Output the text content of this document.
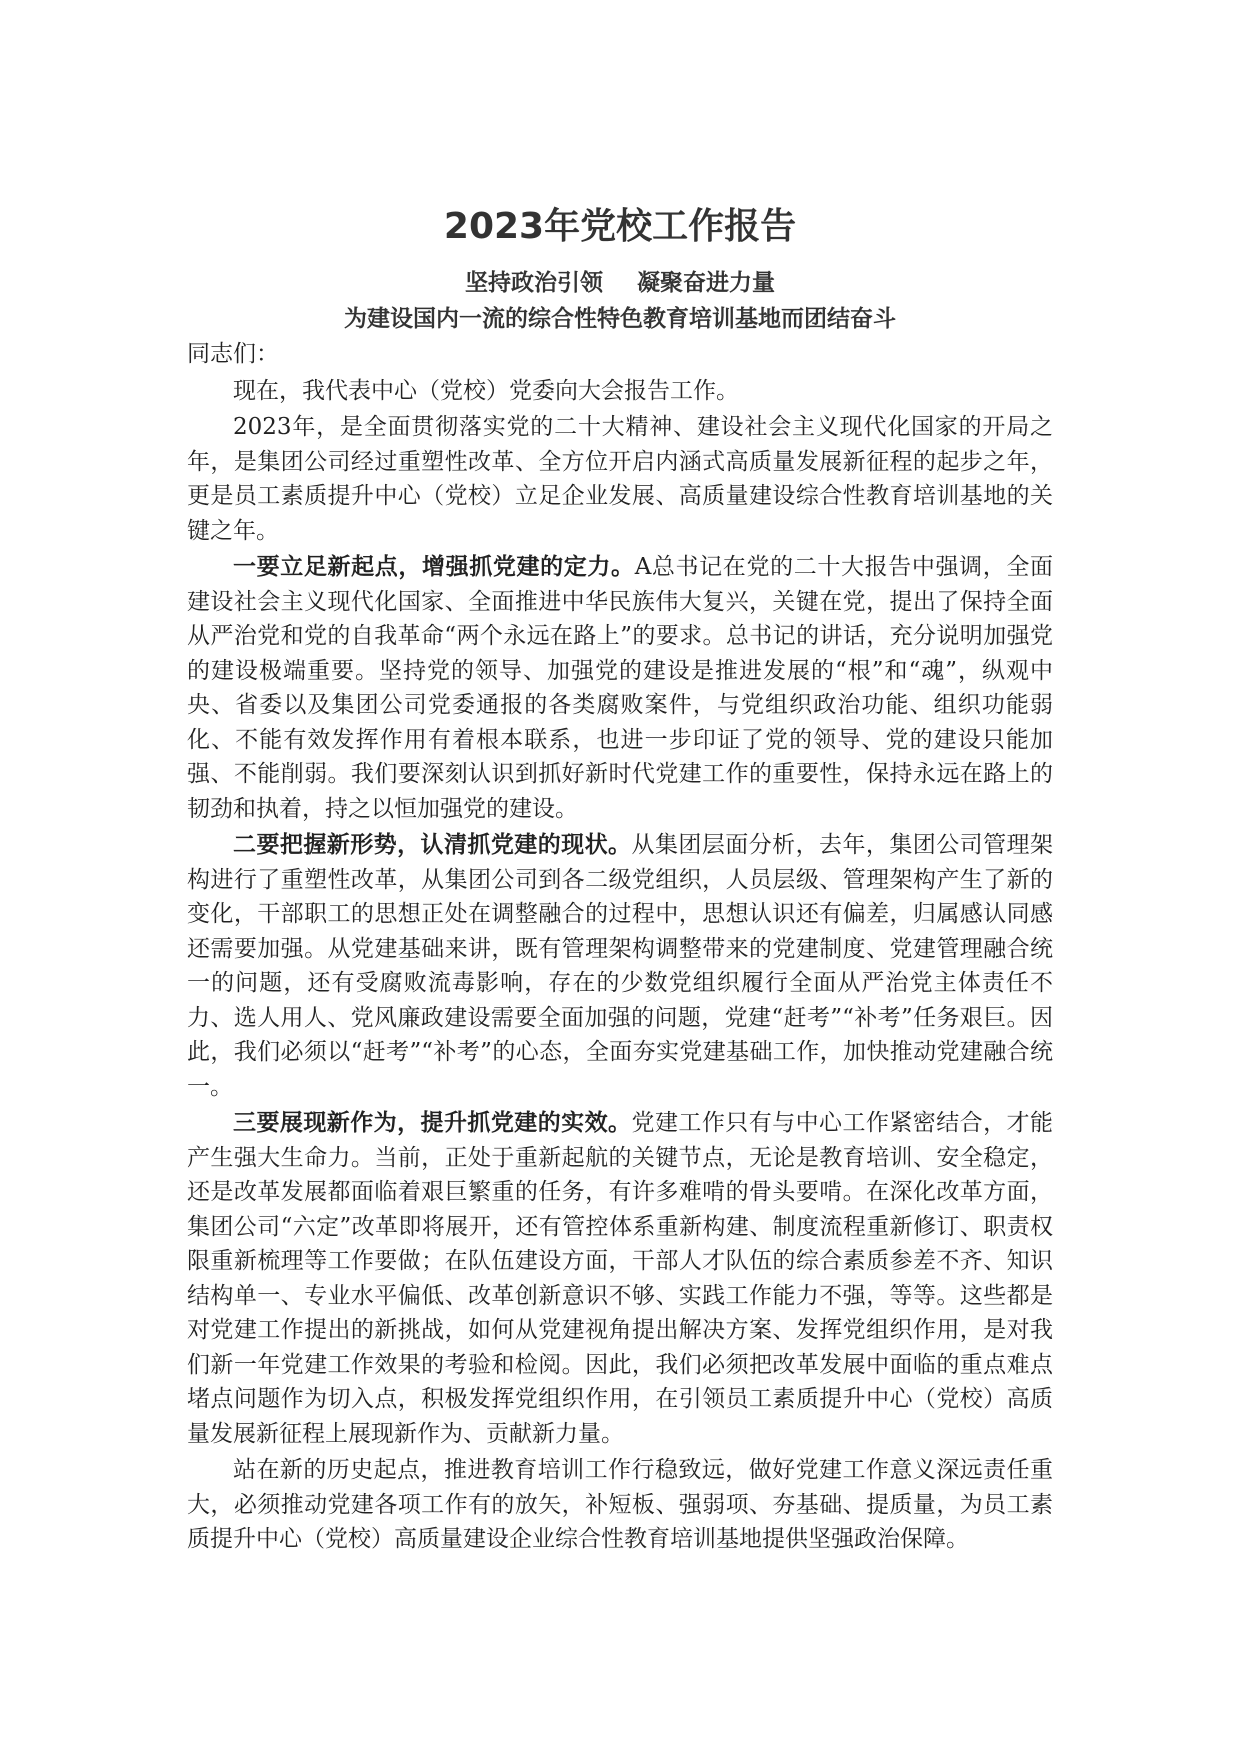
2023年党校工作报告

坚持政治引领 凝聚奋进力量

为建设国内一流的综合性特色教育培训基地而团结奋斗

同志们：

现在，我代表中心（党校）党委向大会报告工作。

2023年，是全面贯彻落实党的二十大精神、建设社会主义现代化国家的开局之年，是集团公司经过重塑性改革、全方位开启内涵式高质量发展新征程的起步之年，更是员工素质提升中心（党校）立足企业发展、高质量建设综合性教育培训基地的关键之年。

一要立足新起点，增强抓党建的定力。A总书记在党的二十大报告中强调，全面建设社会主义现代化国家、全面推进中华民族伟大复兴，关键在党，提出了保持全面从严治党和党的自我革命“两个永远在路上”的要求。总书记的讲话，充分说明加强党的建设极端重要。坚持党的领导、加强党的建设是推进发展的“根”和“魂”，纵观中央、省委以及集团公司党委通报的各类腐败案件，与党组织政治功能、组织功能弱化、不能有效发挥作用有着根本联系，也进一步印证了党的领导、党的建设只能加强、不能削弱。我们要深刻认识到抓好新时代党建工作的重要性，保持永远在路上的韧劲和执着，持之以恒加强党的建设。

二要把握新形势，认清抓党建的现状。从集团层面分析，去年，集团公司管理架构进行了重塑性改革，从集团公司到各二级党组织，人员层级、管理架构产生了新的变化，干部职工的思想正处在调整融合的过程中，思想认识还有偏差，归属感认同感还需要加强。从党建基础来讲，既有管理架构调整带来的党建制度、党建管理融合统一的问题，还有受腐败流毒影响，存在的少数党组织履行全面从严治党主体责任不力、选人用人、党风廉政建设需要全面加强的问题，党建“赶考”“补考”任务艰巨。因此，我们必须以“赶考”“补考”的心态，全面夯实党建基础工作，加快推动党建融合统一。

三要展现新作为，提升抓党建的实效。党建工作只有与中心工作紧密结合，才能产生强大生命力。当前，正处于重新起航的关键节点，无论是教育培训、安全稳定，还是改革发展都面临着艰巨繁重的任务，有许多难啃的骨头要啃。在深化改革方面，集团公司“六定”改革即将展开，还有管控体系重新构建、制度流程重新修订、职责权限重新梳理等工作要做；在队伍建设方面，干部人才队伍的综合素质参差不齐、知识结构单一、专业水平偏低、改革创新意识不够、实践工作能力不强，等等。这些都是对党建工作提出的新挑战，如何从党建视角提出解决方案、发挥党组织作用，是对我们新一年党建工作效果的考验和检阅。因此，我们必须把改革发展中面临的重点难点堵点问题作为切入点，积极发挥党组织作用，在引领员工素质提升中心（党校）高质量发展新征程上展现新作为、贡献新力量。

站在新的历史起点，推进教育培训工作行稳致远，做好党建工作意义深远责任重大，必须推动党建各项工作有的放矢，补短板、强弱项、夯基础、提质量，为员工素质提升中心（党校）高质量建设企业综合性教育培训基地提供坚强政治保障。
